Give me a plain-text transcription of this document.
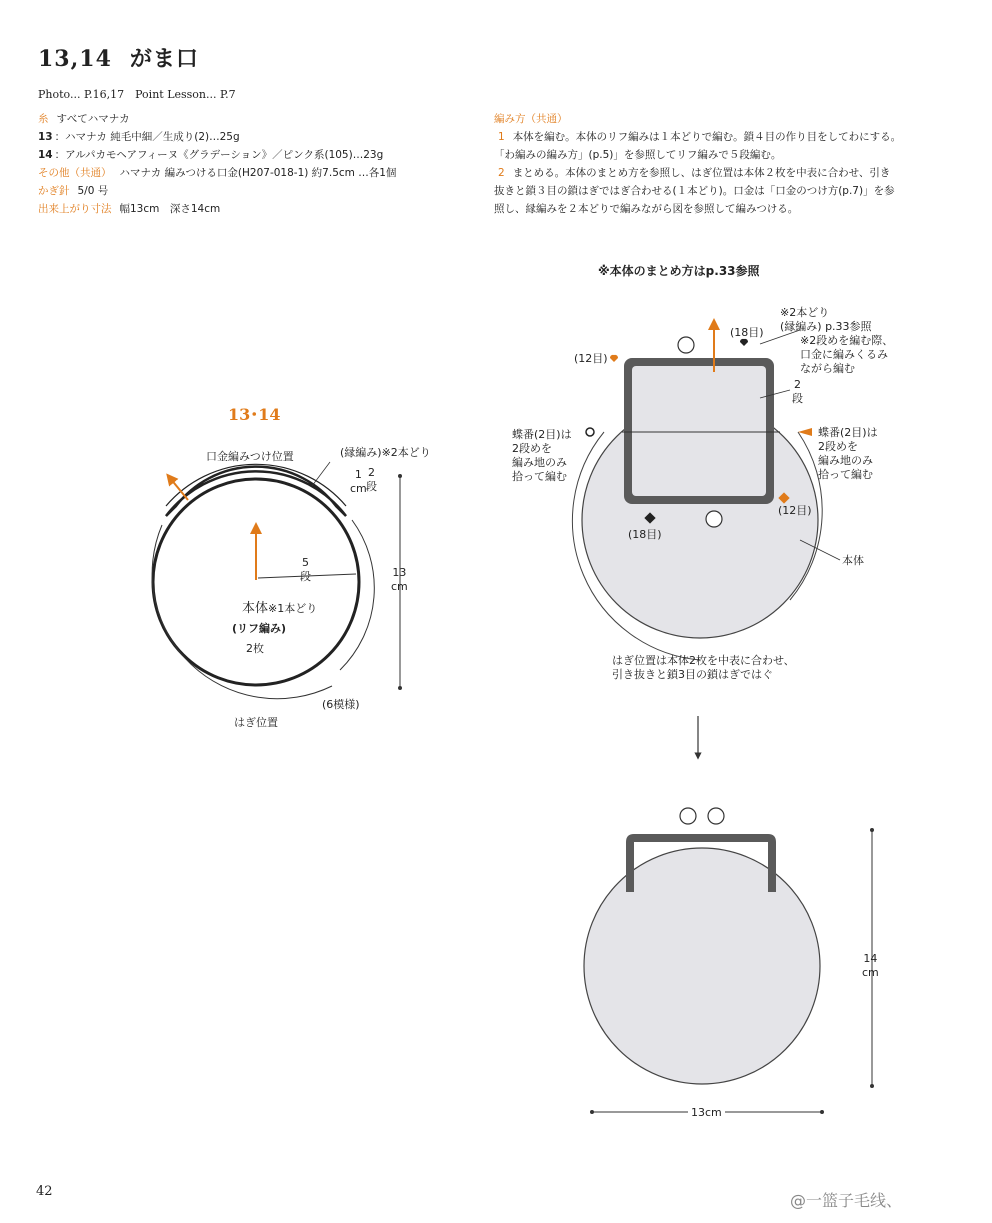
13,14 がま口
Photo... P.16,17　Point Lesson... P.7
糸 すべてハマナカ
13 ：ハマナカ 純毛中細／生成り(2)…25g
14 ：アルパカモヘアフィーヌ《グラデーション》／ピンク系(105)…23g
その他（共通） ハマナカ 編みつける口金(H207-018-1) 約7.5cm …各1個
かぎ針 5/0 号
出来上がり寸法 幅13cm　深さ14cm
編み方（共通）
1 本体を編む。本体のリフ編みは１本どりで編む。鎖４目の作り目をしてわにする。
「わ編みの編み方」(p.5)」を参照してリフ編みで５段編む。
2 まとめる。本体のまとめ方を参照し、はぎ位置は本体２枚を中表に合わせ、引き
抜きと鎖３目の鎖はぎではぎ合わせる(１本どり)。口金は「口金のつけ方(p.7)」を参
照し、縁編みを２本どりで編みながら図を参照して編みつける。
※本体のまとめ方はp.33参照
13･14
口金編みつけ位置	(縁編み)※2本どり
1
cm
2
段
5
段
本体※1本どり
(リフ編み)
2枚
(6模様)
はぎ位置
13
cm
※2本どり
(縁編み) p.33参照
※2段めを編む際、
口金に編みくるみ
ながら編む
(18目)
(12目)
2
段
蝶番(2目)は
2段めを
編み地のみ
拾って編む
蝶番(2目)は
2段めを
編み地のみ
拾って編む
(12目)
(18目)
本体
はぎ位置は本体2枚を中表に合わせ、
引き抜きと鎖3目の鎖はぎではぐ
14
cm
13cm
42	@一篮子毛线、
